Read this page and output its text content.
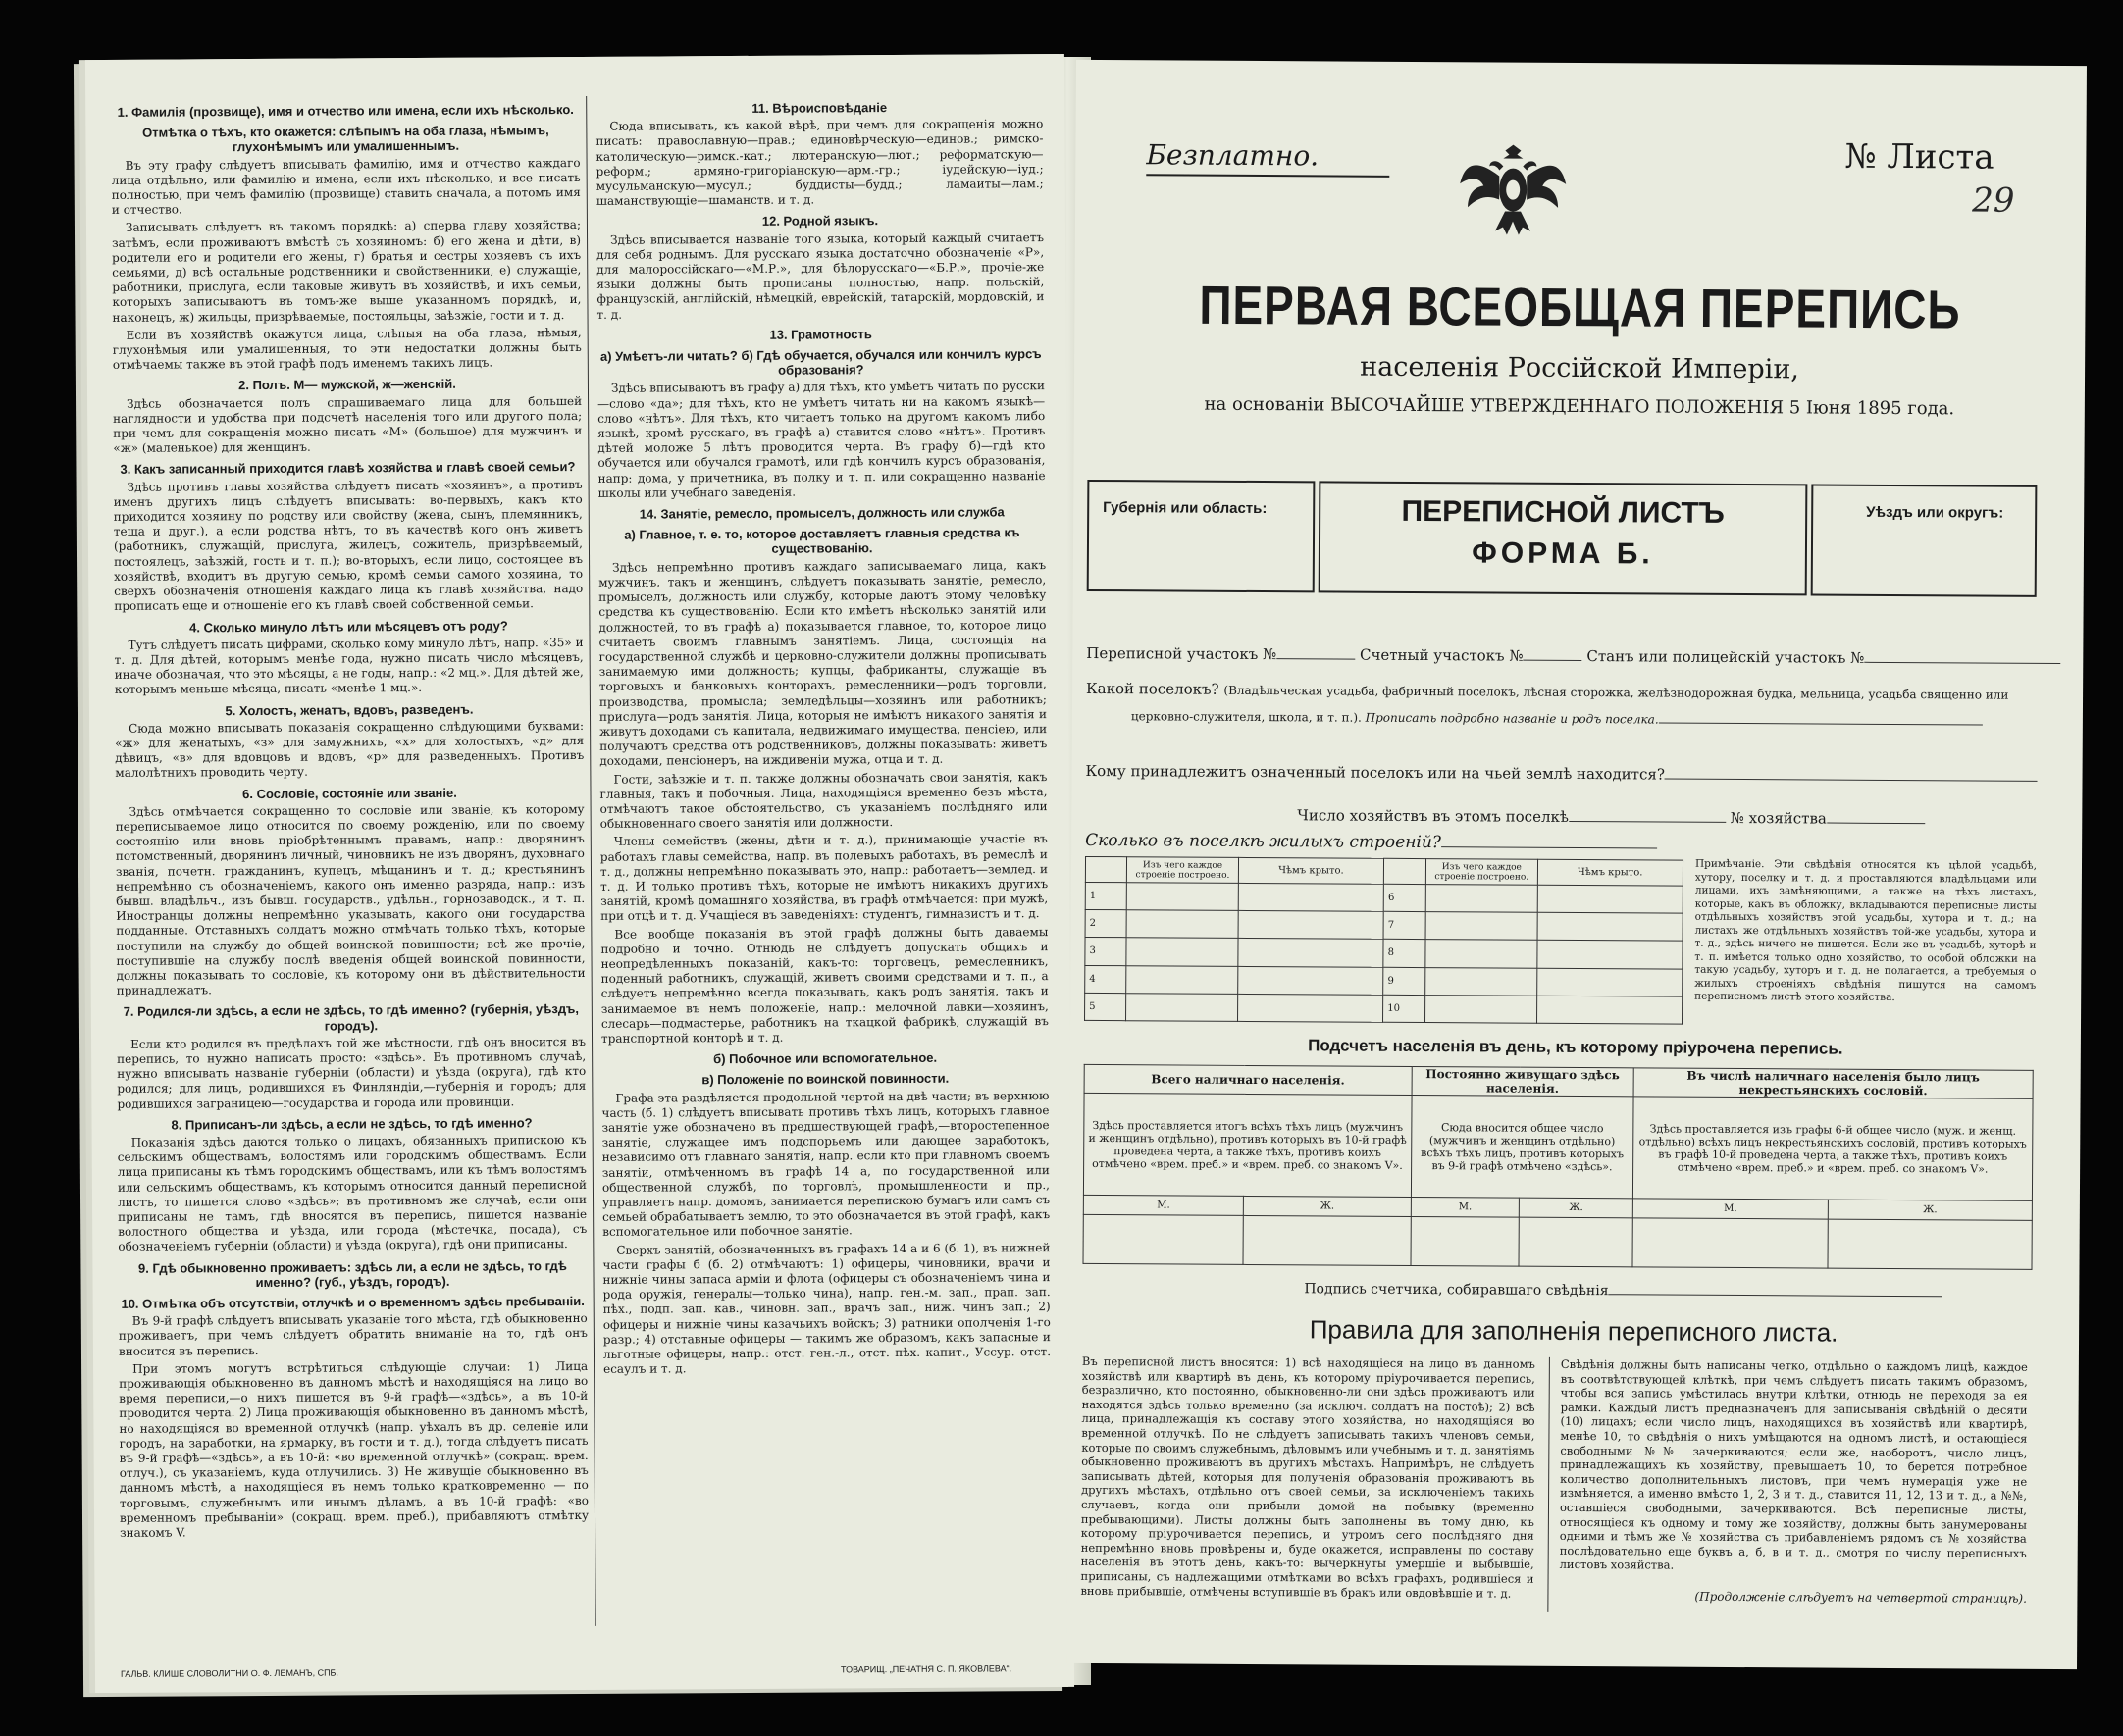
1. Фамилія (прозвище), имя и отчество или имена, если ихъ нѣсколько.
Отмѣтка о тѣхъ, кто окажется: слѣпымъ на оба глаза, нѣмымъ, глухонѣмымъ или умалишеннымъ.

Въ эту графу слѣдуетъ вписывать фамилію, имя и отчество каждаго лица отдѣльно, или фамилію и имена, если ихъ нѣсколько, и все писать полностью, при чемъ фамилію (прозвище) ставить сначала, а потомъ имя и отчество.

Записывать слѣдуетъ въ такомъ порядкѣ: а) сперва главу хозяйства; затѣмъ, если проживаютъ вмѣстѣ съ хозяиномъ: б) его жена и дѣти, в) родители его и родители его жены, г) братья и сестры хозяевъ съ ихъ семьями, д) всѣ остальные родственники и свойственники, е) служащіе, работники, прислуга, если таковые живутъ въ хозяйствѣ, и ихъ семьи, которыхъ записываютъ въ томъ-же выше указанномъ порядкѣ, и, наконецъ, ж) жильцы, призрѣваемые, постояльцы, заѣзжіе, гости и т. д.

Если въ хозяйствѣ окажутся лица, слѣпыя на оба глаза, нѣмыя, глухонѣмыя или умалишенныя, то эти недостатки должны быть отмѣчаемы также въ этой графѣ подъ именемъ такихъ лицъ.

2. Полъ. М— мужской, ж—женскій.

Здѣсь обозначается полъ спрашиваемаго лица для большей наглядности и удобства при подсчетѣ населенія того или другого пола; при чемъ для сокращенія можно писать «М» (большое) для мужчинъ и «ж» (маленькое) для женщинъ.

3. Какъ записанный приходится главѣ хозяйства и главѣ своей семьи?

Здѣсь противъ главы хозяйства слѣдуетъ писать «хозяинъ», а противъ именъ другихъ лицъ слѣдуетъ вписывать: во-первыхъ, какъ кто приходится хозяину по родству или свойству (жена, сынъ, племянникъ, теща и друг.), а если родства нѣтъ, то въ качествѣ кого онъ живетъ (работникъ, служащій, прислуга, жилецъ, сожитель, призрѣваемый, постоялецъ, заѣзжій, гость и т. п.); во-вторыхъ, если лицо, состоящее въ хозяйствѣ, входитъ въ другую семью, кромѣ семьи самого хозяина, то сверхъ обозначенія отношенія каждаго лица къ главѣ хозяйства, надо прописать еще и отношеніе его къ главѣ своей собственной семьи.

4. Сколько минуло лѣтъ или мѣсяцевъ отъ роду?

Тутъ слѣдуетъ писать цифрами, сколько кому минуло лѣтъ, напр. «35» и т. д. Для дѣтей, которымъ менѣе года, нужно писать число мѣсяцевъ, иначе обозначая, что это мѣсяцы, а не годы, напр.: «2 мц.». Для дѣтей же, которымъ меньше мѣсяца, писать «менѣе 1 мц.».

5. Холостъ, женатъ, вдовъ, разведенъ.

Сюда можно вписывать показанія сокращенно слѣдующими буквами: «ж» для женатыхъ, «з» для замужнихъ, «х» для холостыхъ, «д» для дѣвицъ, «в» для вдовцовъ и вдовъ, «р» для разведенныхъ. Противъ малолѣтнихъ проводить черту.

6. Сословіе, состояніе или званіе.

Здѣсь отмѣчается сокращенно то сословіе или званіе, къ которому переписываемое лицо относится по своему рожденію, или по своему состоянію или вновь пріобрѣтеннымъ правамъ, напр.: дворянинъ потомственный, дворянинъ личный, чиновникъ не изъ дворянъ, духовнаго званія, почетн. гражданинъ, купецъ, мѣщанинъ и т. д.; крестьянинъ непремѣнно съ обозначеніемъ, какого онъ именно разряда, напр.: изъ бывш. владѣльч., изъ бывш. государств., удѣльн., горнозаводск., и т. п. Иностранцы должны непремѣнно указывать, какого они государства подданные. Отставныхъ солдатъ можно отмѣчать только тѣхъ, которые поступили на службу до общей воинской повинности; всѣ же прочіе, поступившіе на службу послѣ введенія общей воинской повинности, должны показывать то сословіе, къ которому они въ дѣйствительности принадлежатъ.

7. Родился-ли здѣсь, а если не здѣсь, то гдѣ именно? (губернія, уѣздъ, городъ).

Если кто родился въ предѣлахъ той же мѣстности, гдѣ онъ вносится въ перепись, то нужно написать просто: «здѣсь». Въ противномъ случаѣ, нужно вписывать названіе губерніи (области) и уѣзда (округа), гдѣ кто родился; для лицъ, родившихся въ Финляндіи,—губернія и городъ; для родившихся заграницею—государства и города или провинціи.

8. Приписанъ-ли здѣсь, а если не здѣсь, то гдѣ именно?

Показанія здѣсь даются только о лицахъ, обязанныхъ припискою къ сельскимъ обществамъ, волостямъ или городскимъ обществамъ. Если лица приписаны къ тѣмъ городскимъ обществамъ, или къ тѣмъ волостямъ или сельскимъ обществамъ, къ которымъ относится данный переписной листъ, то пишется слово «здѣсь»; въ противномъ же случаѣ, если они приписаны не тамъ, гдѣ вносятся въ перепись, пишется названіе волостного общества и уѣзда, или города (мѣстечка, посада), съ обозначеніемъ губерніи (области) и уѣзда (округа), гдѣ они приписаны.

9. Гдѣ обыкновенно проживаетъ: здѣсь ли, а если не здѣсь, то гдѣ именно? (губ., уѣздъ, городъ).
10. Отмѣтка объ отсутствіи, отлучкѣ и о временномъ здѣсь пребываніи.

Въ 9-й графѣ слѣдуетъ вписывать указаніе того мѣста, гдѣ обыкновенно проживаетъ, при чемъ слѣдуетъ обратить вниманіе на то, гдѣ онъ вносится въ перепись.

При этомъ могутъ встрѣтиться слѣдующіе случаи: 1) Лица проживающія обыкновенно въ данномъ мѣстѣ и находящіяся на лицо во время переписи,—о нихъ пишется въ 9-й графѣ—«здѣсь», а въ 10-й проводится черта. 2) Лица проживающія обыкновенно въ данномъ мѣстѣ, но находящіяся во временной отлучкѣ (напр. уѣхалъ въ др. селеніе или городъ, на заработки, на ярмарку, въ гости и т. д.), тогда слѣдуетъ писать въ 9-й графѣ—«здѣсь», а въ 10-й: «во временной отлучкѣ» (сокращ. врем. отлуч.), съ указаніемъ, куда отлучились. 3) Не живущіе обыкновенно въ данномъ мѣстѣ, а находящіеся въ немъ только кратковременно — по торговымъ, служебнымъ или инымъ дѣламъ, а въ 10-й графѣ: «во временномъ пребываніи» (сокращ. врем. преб.), прибавляютъ отмѣтку знакомъ V.

11. Вѣроисповѣданіе

Сюда вписывать, къ какой вѣрѣ, при чемъ для сокращенія можно писать: православную—прав.; единовѣрческую—единов.; римско-католическую—римск.-кат.; лютеранскую—лют.; реформатскую—реформ.; армяно-григоріанскую—арм.-гр.; іудейскую—іуд.; мусульманскую—мусул.; буддисты—будд.; ламаиты—лам.; шаманствующіе—шаманств. и т. д.

12. Родной языкъ.

Здѣсь вписывается названіе того языка, который каждый считаетъ для себя роднымъ. Для русскаго языка достаточно обозначеніе «Р», для малороссійскаго—«М.Р.», для бѣлорусскаго—«Б.Р.», прочіе-же языки должны быть прописаны полностью, напр. польскій, французскій, англійскій, нѣмецкій, еврейскій, татарскій, мордовскій, и т. д.

13. Грамотность
а) Умѣетъ-ли читать? б) Гдѣ обучается, обучался или кончилъ курсъ образованія?

Здѣсь вписываютъ въ графу а) для тѣхъ, кто умѣетъ читать по русски—слово «да»; для тѣхъ, кто не умѣетъ читать ни на какомъ языкѣ—слово «нѣтъ». Для тѣхъ, кто читаетъ только на другомъ какомъ либо языкѣ, кромѣ русскаго, въ графѣ а) ставится слово «нѣтъ». Противъ дѣтей моложе 5 лѣтъ проводится черта. Въ графу б)—гдѣ кто обучается или обучался грамотѣ, или гдѣ кончилъ курсъ образованія, напр: дома, у причетника, въ полку и т. п. или сокращенно названіе школы или учебнаго заведенія.

14. Занятіе, ремесло, промыселъ, должность или служба
а) Главное, т. е. то, которое доставляетъ главныя средства къ существованію.

Здѣсь непремѣнно противъ каждаго записываемаго лица, какъ мужчинъ, такъ и женщинъ, слѣдуетъ показывать занятіе, ремесло, промыселъ, должность или службу, которые даютъ этому человѣку средства къ существованію. Если кто имѣетъ нѣсколько занятій или должностей, то въ графѣ а) показывается главное, то, которое лицо считаетъ своимъ главнымъ занятіемъ. Лица, состоящія на государственной службѣ и церковно-служители должны прописывать занимаемую ими должность; купцы, фабриканты, служащіе въ торговыхъ и банковыхъ конторахъ, ремесленники—родъ торговли, производства, промысла; земледѣльцы—хозяинъ или работникъ; прислуга—родъ занятія. Лица, которыя не имѣютъ никакого занятія и живутъ доходами съ капитала, недвижимаго имущества, пенсіею, или получаютъ средства отъ родственниковъ, должны показывать: живетъ доходами, пенсіонеръ, на иждивеніи мужа, отца и т. д.

Гости, заѣзжіе и т. п. также должны обозначать свои занятія, какъ главныя, такъ и побочныя. Лица, находящіяся временно безъ мѣста, отмѣчаютъ такое обстоятельство, съ указаніемъ послѣдняго или обыкновеннаго своего занятія или должности.

Члены семействъ (жены, дѣти и т. д.), принимающіе участіе въ работахъ главы семейства, напр. въ полевыхъ работахъ, въ ремеслѣ и т. д., должны непремѣнно показывать это, напр.: работаетъ—землед. и т. д. И только противъ тѣхъ, которые не имѣютъ никакихъ другихъ занятій, кромѣ домашняго хозяйства, въ графѣ отмѣчается: при мужѣ, при отцѣ и т. д. Учащіеся въ заведеніяхъ: студентъ, гимназистъ и т. д.

Все вообще показанія въ этой графѣ должны быть даваемы подробно и точно. Отнюдь не слѣдуетъ допускать общихъ и неопредѣленныхъ показаній, какъ-то: торговецъ, ремесленникъ, поденный работникъ, служащій, живетъ своими средствами и т. п., а слѣдуетъ непремѣнно всегда показывать, какъ родъ занятія, такъ и занимаемое въ немъ положеніе, напр.: мелочной лавки—хозяинъ, слесарь—подмастерье, работникъ на ткацкой фабрикѣ, служащій въ транспортной конторѣ и т. д.

б) Побочное или вспомогательное.
в) Положеніе по воинской повинности.

Графа эта раздѣляется продольной чертой на двѣ части; въ верхнюю часть (б. 1) слѣдуетъ вписывать противъ тѣхъ лицъ, которыхъ главное занятіе уже обозначено въ предшествующей графѣ,—второстепенное занятіе, служащее имъ подспорьемъ или дающее заработокъ, независимо отъ главнаго занятія, напр. если кто при главномъ своемъ занятіи, отмѣченномъ въ графѣ 14 а, по государственной или общественной службѣ, по торговлѣ, промышленности и пр., управляетъ напр. домомъ, занимается перепискою бумагъ или самъ съ семьей обрабатываетъ землю, то это обозначается въ этой графѣ, какъ вспомогательное или побочное занятіе.

Сверхъ занятій, обозначенныхъ въ графахъ 14 а и 6 (б. 1), въ нижней части графы б (б. 2) отмѣчаютъ: 1) офицеры, чиновники, врачи и нижніе чины запаса арміи и флота (офицеры съ обозначеніемъ чина и рода оружія, генералы—только чина), напр. ген.-м. зап., прап. зап. пѣх., подп. зап. кав., чиновн. зап., врачъ зап., ниж. чинъ зап.; 2) офицеры и нижніе чины казачьихъ войскъ; 3) ратники ополченія 1-го разр.; 4) отставные офицеры — такимъ же образомъ, какъ запасные и льготные офицеры, напр.: отст. ген.-л., отст. пѣх. капит., Уссур. отст. есаулъ и т. д.

ГАЛЬВ. КЛИШЕ СЛОВОЛИТНИ О. Ф. ЛЕМАНЪ, СПБ.	ТОВАРИЩ. „ПЕЧАТНЯ С. П. ЯКОВЛЕВА“.
Безплатно.	№ Листа
29
ПЕРВАЯ ВСЕОБЩАЯ ПЕРЕПИСЬ
населенія Россійской Имперіи,
на основаніи ВЫСОЧАЙШЕ УТВЕРЖДЕННАГО ПОЛОЖЕНІЯ 5 Іюня 1895 года.
Губернія или область:	ПЕРЕПИСНОЙ ЛИСТЪ
ФОРМА Б.
Уѣздъ или округъ:
Переписной участокъ №	Счетный участокъ №	Станъ или полицейскій участокъ №
Какой поселокъ? (Владѣльческая усадьба, фабричный поселокъ, лѣсная сторожка, желѣзнодорожная будка, мельница, усадьба священно или
церковно-служителя, школа, и т. п.). Прописать подробно названіе и родъ поселка.
Кому принадлежитъ означенный поселокъ или на чьей землѣ находится?
Число хозяйствъ въ этомъ поселкѣ	№ хозяйства
Сколько въ поселкѣ жилыхъ строеній?
	Изъ чего каждое строеніе построено.	Чѣмъ крыто.		Изъ чего каждое строеніе построено.	Чѣмъ крыто.
1			6		
2			7		
3			8		
4			9		
5			10		
Примѣчаніе. Эти свѣдѣнія относятся къ цѣлой усадьбѣ, хутору, поселку и т. д. и проставляются владѣльцами или лицами, ихъ замѣняющими, а также на тѣхъ листахъ, которые, какъ въ обложку, вкладываются переписные листы отдѣльныхъ хозяйствъ этой усадьбы, хутора и т. д.; на листахъ же отдѣльныхъ хозяйствъ той-же усадьбы, хутора и т. д., здѣсь ничего не пишется. Если же въ усадьбѣ, хуторѣ и т. п. имѣется только одно хозяйство, то особой обложки на такую усадьбу, хуторъ и т. д. не полагается, а требуемыя о жилыхъ строеніяхъ свѣдѣнія пишутся на самомъ переписномъ листѣ этого хозяйства.
Подсчетъ населенія въ день, къ которому пріурочена перепись.
Всего наличнаго населенія.		Постоянно живущаго здѣсь населенія.		Въ числѣ наличнаго населенія было лицъ некрестьянскихъ сословій.	
Здѣсь проставляется итогъ всѣхъ тѣхъ лицъ (мужчинъ и женщинъ отдѣльно), противъ которыхъ въ 10-й графѣ проведена черта, а также тѣхъ, противъ коихъ отмѣчено «врем. преб.» и «врем. преб. со знакомъ V».		Сюда вносится общее число (мужчинъ и женщинъ отдѣльно) всѣхъ тѣхъ лицъ, противъ которыхъ въ 9-й графѣ отмѣчено «здѣсь».		Здѣсь проставляется изъ графы 6-й общее число (муж. и женщ. отдѣльно) всѣхъ лицъ некрестьянскихъ сословій, противъ которыхъ въ графѣ 10-й проведена черта, а также тѣхъ, противъ коихъ отмѣчено «врем. преб.» и «врем. преб. со знакомъ V».	
М.	Ж.	М.	Ж.	М.	Ж.

Подпись счетчика, собиравшаго свѣдѣнія
Правила для заполненія переписного листа.
Въ переписной листъ вносятся: 1) всѣ находящіеся на лицо въ данномъ хозяйствѣ или квартирѣ въ день, къ которому пріурочивается перепись, безразлично, кто постоянно, обыкновенно-ли они здѣсь проживаютъ или находятся здѣсь только временно (за исключ. солдатъ на постоѣ); 2) всѣ лица, принадлежащія къ составу этого хозяйства, но находящіяся во временной отлучкѣ. По не слѣдуетъ записывать такихъ членовъ семьи, которые по своимъ служебнымъ, дѣловымъ или учебнымъ и т. д. занятіямъ обыкновенно проживаютъ въ другихъ мѣстахъ. Напримѣръ, не слѣдуетъ записывать дѣтей, которыя для полученія образованія проживаютъ въ другихъ мѣстахъ, отдѣльно отъ своей семьи, за исключеніемъ такихъ случаевъ, когда они прибыли домой на побывку (временно пребывающими). Листы должны быть заполнены въ тому дню, къ которому пріурочивается перепись, и утромъ сего послѣдняго дня непремѣнно вновь провѣрены и, буде окажется, исправлены по составу населенія въ этотъ день, какъ-то: вычеркнуты умершіе и выбывшіе, приписаны, съ надлежащими отмѣтками во всѣхъ графахъ, родившіеся и вновь прибывшіе, отмѣчены вступившіе въ бракъ или овдовѣвшіе и т. д.
Свѣдѣнія должны быть написаны четко, отдѣльно о каждомъ лицѣ, каждое въ соотвѣтствующей клѣткѣ, при чемъ слѣдуетъ писать такимъ образомъ, чтобы вся запись умѣстилась внутри клѣтки, отнюдь не переходя за ея рамки. Каждый листъ предназначенъ для записыванія свѣдѣній о десяти (10) лицахъ; если число лицъ, находящихся въ хозяйствѣ или квартирѣ, менѣе 10, то свѣдѣнія о нихъ умѣщаются на одномъ листѣ, и остающіеся свободными №№ зачеркиваются; если же, наоборотъ, число лицъ, принадлежащихъ къ хозяйству, превышаетъ 10, то берется потребное количество дополнительныхъ листовъ, при чемъ нумерація уже не измѣняется, а именно вмѣсто 1, 2, 3 и т. д., ставится 11, 12, 13 и т. д., а №№, оставшіеся свободными, зачеркиваются. Всѣ переписные листы, относящіеся къ одному и тому же хозяйству, должны быть занумерованы одними и тѣмъ же № хозяйства съ прибавленіемъ рядомъ съ № хозяйства послѣдовательно еще буквъ а, б, в и т. д., смотря по числу переписныхъ листовъ хозяйства.
(Продолженіе слѣдуетъ на четвертой страницѣ).
